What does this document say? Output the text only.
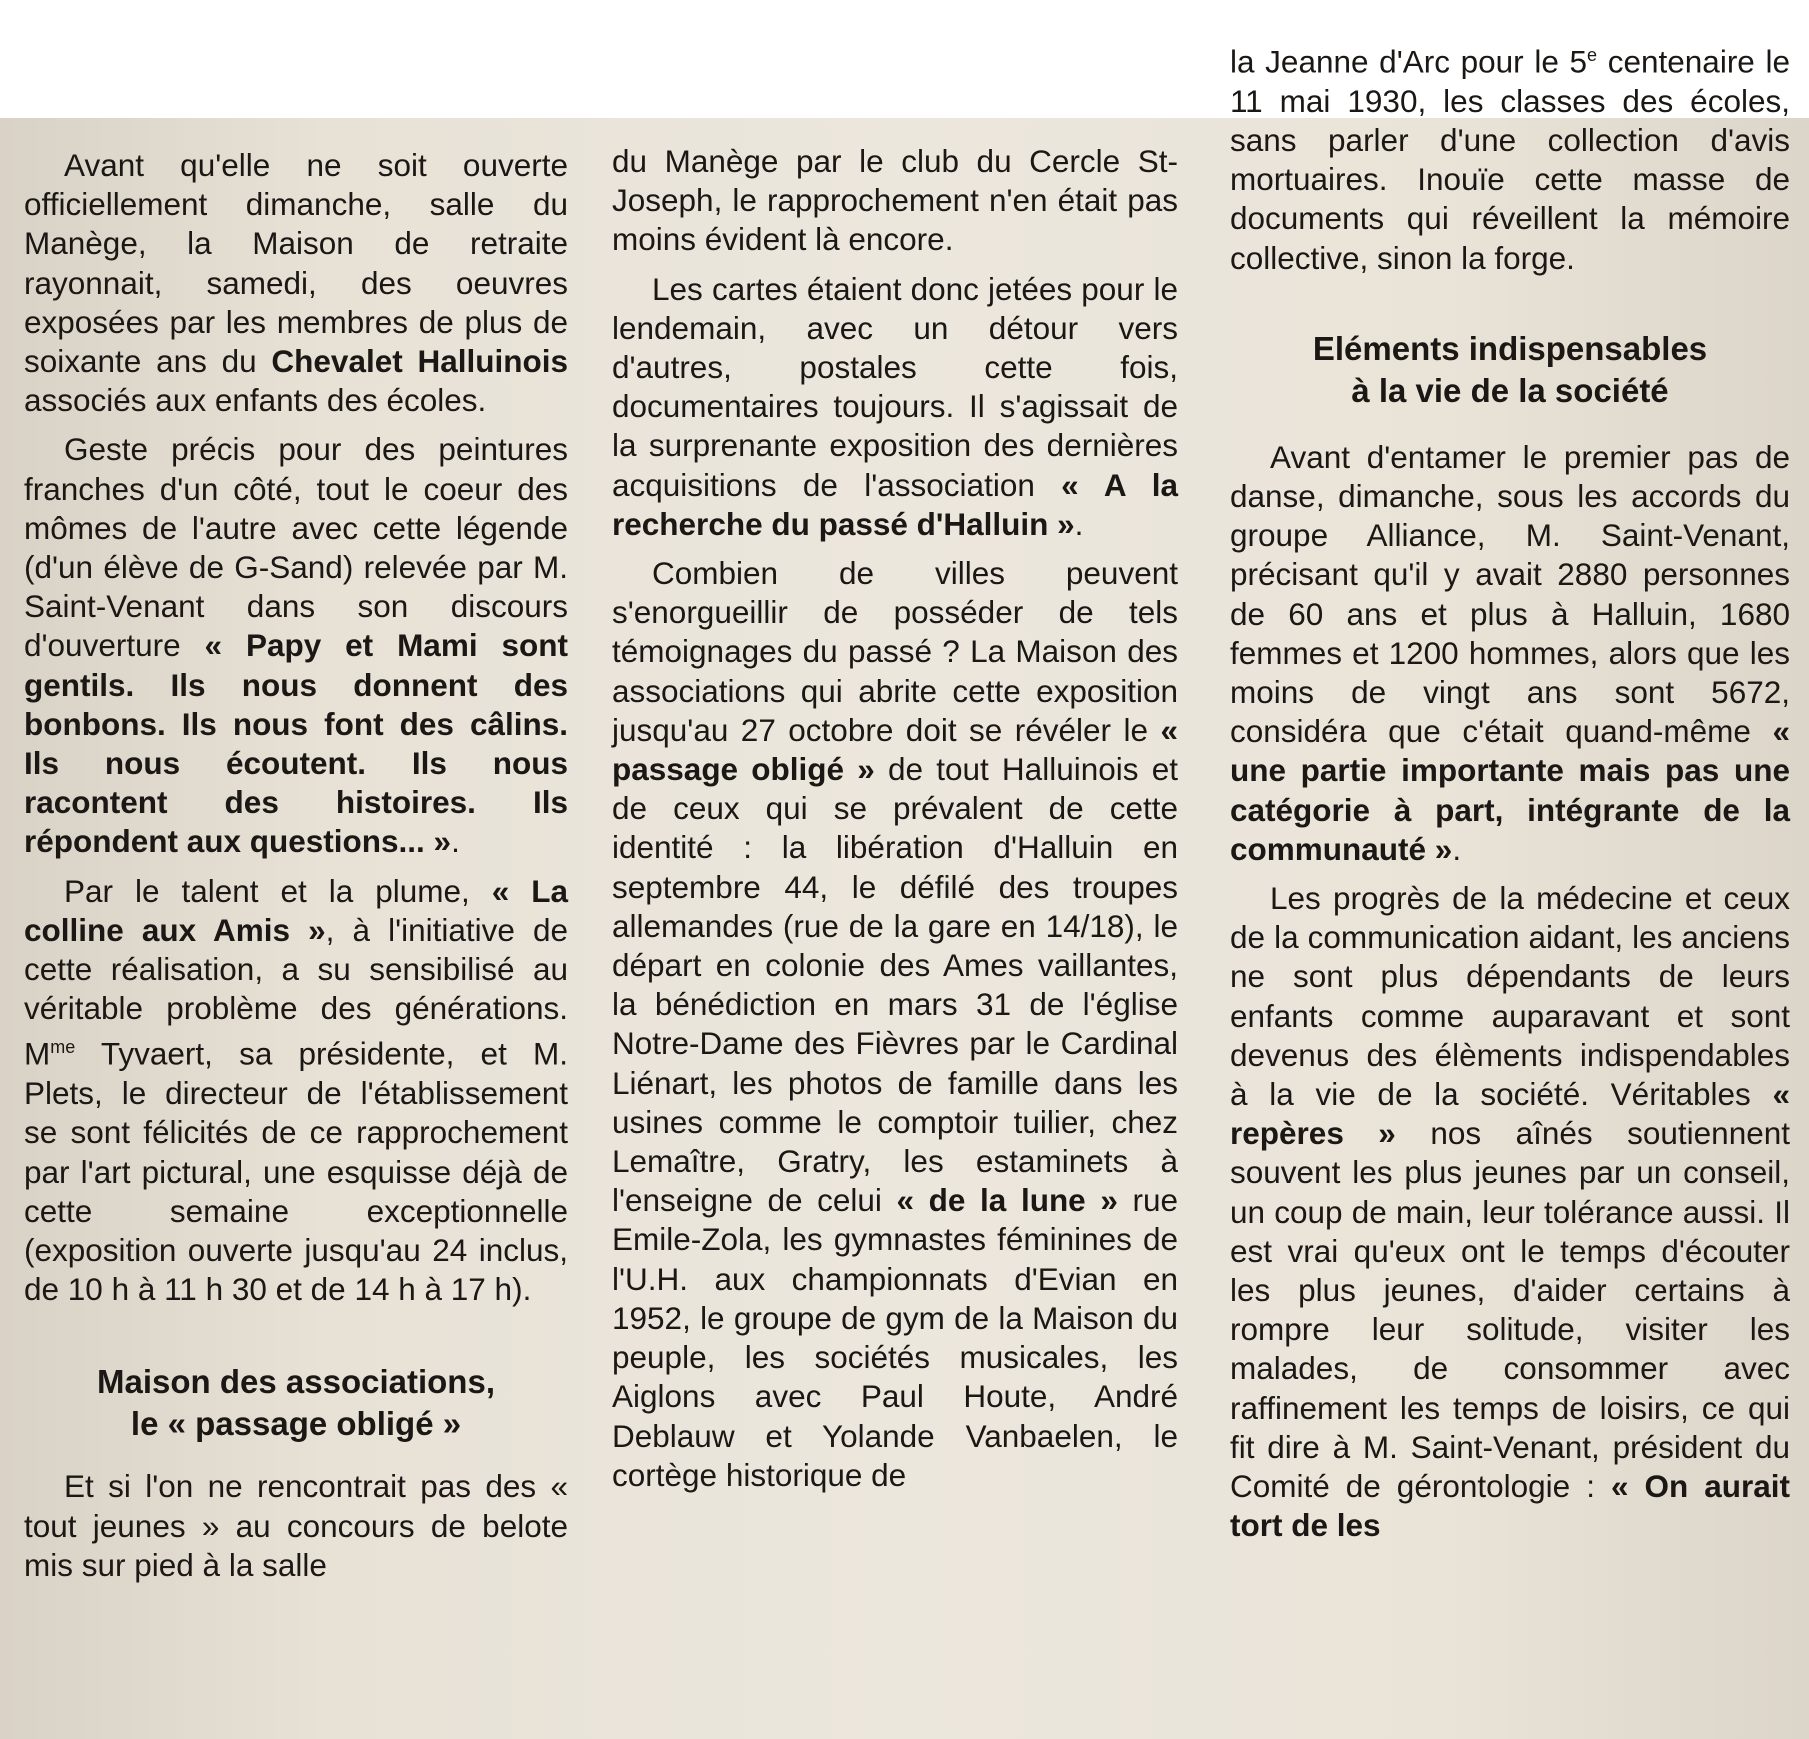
Avant qu'elle ne soit ouverte officiellement dimanche, salle du Manège, la Maison de retraite rayonnait, samedi, des oeuvres exposées par les membres de plus de soixante ans du Chevalet Halluinois associés aux enfants des écoles.

Geste précis pour des peintures franches d'un côté, tout le coeur des mômes de l'autre avec cette légende (d'un élève de G-Sand) relevée par M. Saint-Venant dans son discours d'ouverture « Papy et Mami sont gentils. Ils nous donnent des bonbons. Ils nous font des câlins. Ils nous écoutent. Ils nous racontent des histoires. Ils répondent aux questions... ».

Par le talent et la plume, « La colline aux Amis », à l'initiative de cette réalisation, a su sensibilisé au véritable problème des générations. $M^{me}$ Tyvaert, sa présidente, et M. Plets, le directeur de l'établissement se sont félicités de ce rapprochement par l'art pictural, une esquisse déjà de cette semaine exceptionnelle (exposition ouverte jusqu'au 24 inclus, de 10 h à 11 h 30 et de 14 h à 17 h).

Maison des associations,
le « passage obligé »

Et si l'on ne rencontrait pas des « tout jeunes » au concours de belote mis sur pied à la salle

du Manège par le club du Cercle St-Joseph, le rapprochement n'en était pas moins évident là encore.

Les cartes étaient donc jetées pour le lendemain, avec un détour vers d'autres, postales cette fois, documentaires toujours. Il s'agissait de la surprenante exposition des dernières acquisitions de l'association « A la recherche du passé d'Halluin ».

Combien de villes peuvent s'enorgueillir de posséder de tels témoignages du passé ? La Maison des associations qui abrite cette exposition jusqu'au 27 octobre doit se révéler le « passage obligé » de tout Halluinois et de ceux qui se prévalent de cette identité : la libération d'Halluin en septembre 44, le défilé des troupes allemandes (rue de la gare en 14/18), le départ en colonie des Ames vaillantes, la bénédiction en mars 31 de l'église Notre-Dame des Fièvres par le Cardinal Liénart, les photos de famille dans les usines comme le comptoir tuilier, chez Lemaître, Gratry, les estaminets à l'enseigne de celui « de la lune » rue Emile-Zola, les gymnastes féminines de l'U.H. aux championnats d'Evian en 1952, le groupe de gym de la Maison du peuple, les sociétés musicales, les Aiglons avec Paul Houte, André Deblauw et Yolande Vanbaelen, le cortège historique de

la Jeanne d'Arc pour le 5e centenaire le 11 mai 1930, les classes des écoles, sans parler d'une collection d'avis mortuaires. Inouïe cette masse de documents qui réveillent la mémoire collective, sinon la forge.

Eléments indispensables
à la vie de la société

Avant d'entamer le premier pas de danse, dimanche, sous les accords du groupe Alliance, M. Saint-Venant, précisant qu'il y avait 2880 personnes de 60 ans et plus à Halluin, 1680 femmes et 1200 hommes, alors que les moins de vingt ans sont 5672, considéra que c'était quand-même « une partie importante mais pas une catégorie à part, intégrante de la communauté ».

Les progrès de la médecine et ceux de la communication aidant, les anciens ne sont plus dépendants de leurs enfants comme auparavant et sont devenus des élèments indispendables à la vie de la société. Véritables « repères » nos aînés soutiennent souvent les plus jeunes par un conseil, un coup de main, leur tolérance aussi. Il est vrai qu'eux ont le temps d'écouter les plus jeunes, d'aider certains à rompre leur solitude, visiter les malades, de consommer avec raffinement les temps de loisirs, ce qui fit dire à M. Saint-Venant, président du Comité de gérontologie : « On aurait tort de les
